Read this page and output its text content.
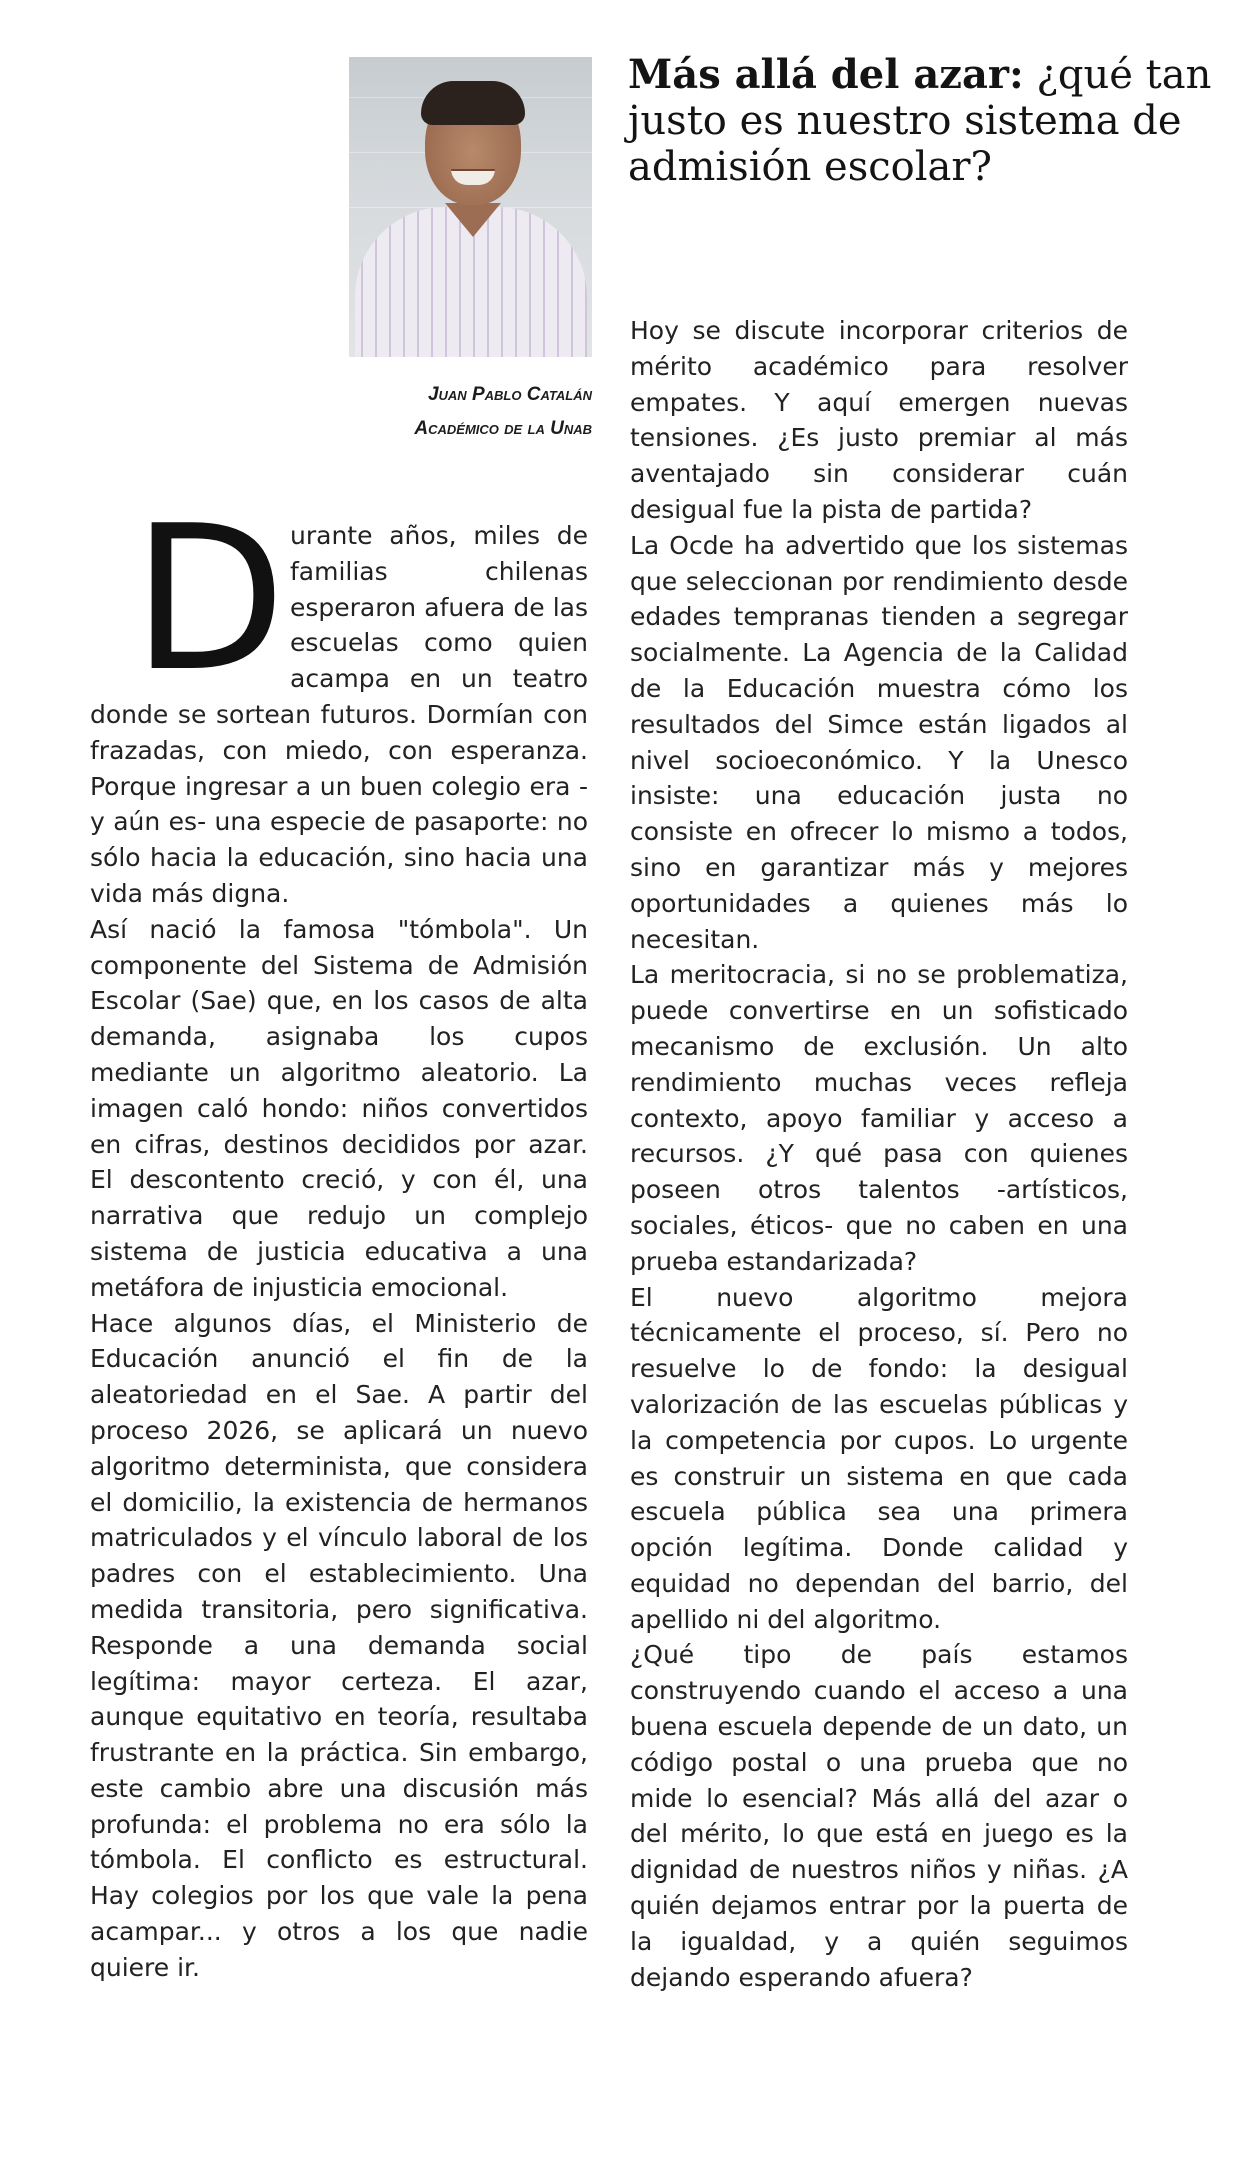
Juan Pablo Catalán
Académico de la Unab
Más allá del azar: ¿qué tan justo es nuestro sistema de admisión escolar?
D urante años, miles de familias chilenas esperaron afuera de las escuelas como quien acampa en un teatro donde se sortean futuros. Dormían con frazadas, con miedo, con esperanza. Porque ingresar a un buen colegio era -y aún es- una especie de pasaporte: no sólo hacia la educación, sino hacia una vida más digna.

Así nació la famosa "tómbola". Un componente del Sistema de Admisión Escolar (Sae) que, en los casos de alta demanda, asignaba los cupos mediante un algoritmo aleatorio. La imagen caló hondo: niños convertidos en cifras, destinos decididos por azar. El descontento creció, y con él, una narrativa que redujo un complejo sistema de justicia educativa a una metáfora de injusticia emocional.

Hace algunos días, el Ministerio de Educación anunció el fin de la aleatoriedad en el Sae. A partir del proceso 2026, se aplicará un nuevo algoritmo determinista, que considera el domicilio, la existencia de hermanos matriculados y el vínculo laboral de los padres con el establecimiento. Una medida transitoria, pero significativa. Responde a una demanda social legítima: mayor certeza. El azar, aunque equitativo en teoría, resultaba frustrante en la práctica. Sin embargo, este cambio abre una discusión más profunda: el problema no era sólo la tómbola. El conflicto es estructural. Hay colegios por los que vale la pena acampar... y otros a los que nadie quiere ir.

Hoy se discute incorporar criterios de mérito académico para resolver empates. Y aquí emergen nuevas tensiones. ¿Es justo premiar al más aventajado sin considerar cuán desigual fue la pista de partida?

La Ocde ha advertido que los sistemas que seleccionan por rendimiento desde edades tempranas tienden a segregar socialmente. La Agencia de la Calidad de la Educación muestra cómo los resultados del Simce están ligados al nivel socioeconómico. Y la Unesco insiste: una educación justa no consiste en ofrecer lo mismo a todos, sino en garantizar más y mejores oportunidades a quienes más lo necesitan.

La meritocracia, si no se problematiza, puede convertirse en un sofisticado mecanismo de exclusión. Un alto rendimiento muchas veces refleja contexto, apoyo familiar y acceso a recursos. ¿Y qué pasa con quienes poseen otros talentos -artísticos, sociales, éticos- que no caben en una prueba estandarizada?

El nuevo algoritmo mejora técnicamente el proceso, sí. Pero no resuelve lo de fondo: la desigual valorización de las escuelas públicas y la competencia por cupos. Lo urgente es construir un sistema en que cada escuela pública sea una primera opción legítima. Donde calidad y equidad no dependan del barrio, del apellido ni del algoritmo.

¿Qué tipo de país estamos construyendo cuando el acceso a una buena escuela depende de un dato, un código postal o una prueba que no mide lo esencial? Más allá del azar o del mérito, lo que está en juego es la dignidad de nuestros niños y niñas. ¿A quién dejamos entrar por la puerta de la igualdad, y a quién seguimos dejando esperando afuera?
